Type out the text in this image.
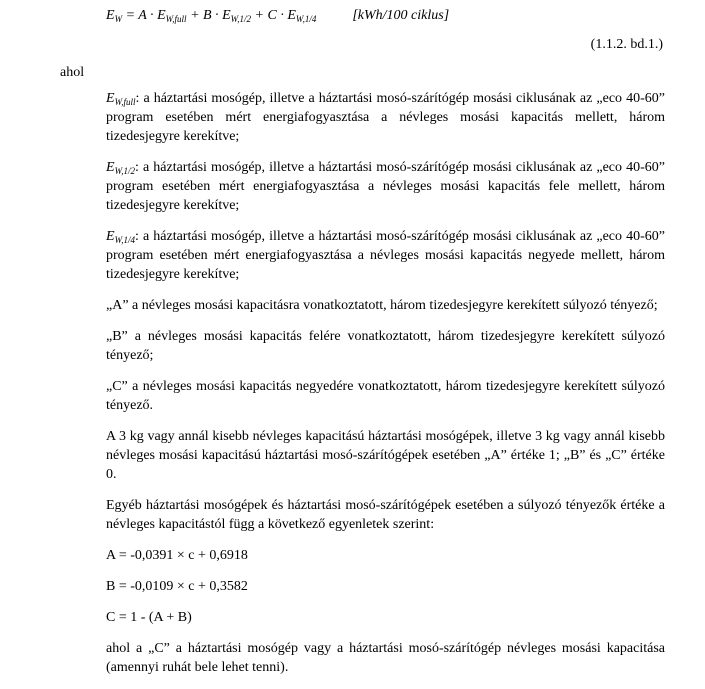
$E_W = A \cdot E_{W,full} + B \cdot E_{W,1/2} + C \cdot E_{W,1/4}$	[kWh/100 ciklus]
(1.1.2. bd.1.)
ahol

$E_{W,full}$: a háztartási mosógép, illetve a háztartási mosó-szárítógép mosási ciklusának az „eco 40-60” program esetében mért energiafogyasztása a névleges mosási kapacitás mellett, három tizedesjegyre kerekítve;

$E_{W,1/2}$: a háztartási mosógép, illetve a háztartási mosó-szárítógép mosási ciklusának az „eco 40-60” program esetében mért energiafogyasztása a névleges mosási kapacitás fele mellett, három tizedesjegyre kerekítve;

$E_{W,1/4}$: a háztartási mosógép, illetve a háztartási mosó-szárítógép mosási ciklusának az „eco 40-60” program esetében mért energiafogyasztása a névleges mosási kapacitás negyede mellett, három tizedesjegyre kerekítve;

„A” a névleges mosási kapacitásra vonatkoztatott, három tizedesjegyre kerekített súlyozó tényező;

„B” a névleges mosási kapacitás felére vonatkoztatott, három tizedesjegyre kerekített súlyozó tényező;

„C” a névleges mosási kapacitás negyedére vonatkoztatott, három tizedesjegyre kerekített súlyozó tényező.

A 3 kg vagy annál kisebb névleges kapacitású háztartási mosógépek, illetve 3 kg vagy annál kisebb névleges mosási kapacitású háztartási mosó-szárítógépek esetében „A” értéke 1; „B” és „C” értéke 0.

Egyéb háztartási mosógépek és háztartási mosó-szárítógépek esetében a súlyozó tényezők értéke a névleges kapacitástól függ a következő egyenletek szerint:

A = -0,0391 × c + 0,6918

B = -0,0109 × c + 0,3582

C = 1 - (A + B)

ahol a „C” a háztartási mosógép vagy a háztartási mosó-szárítógép névleges mosási kapacitása (amennyi ruhát bele lehet tenni).
